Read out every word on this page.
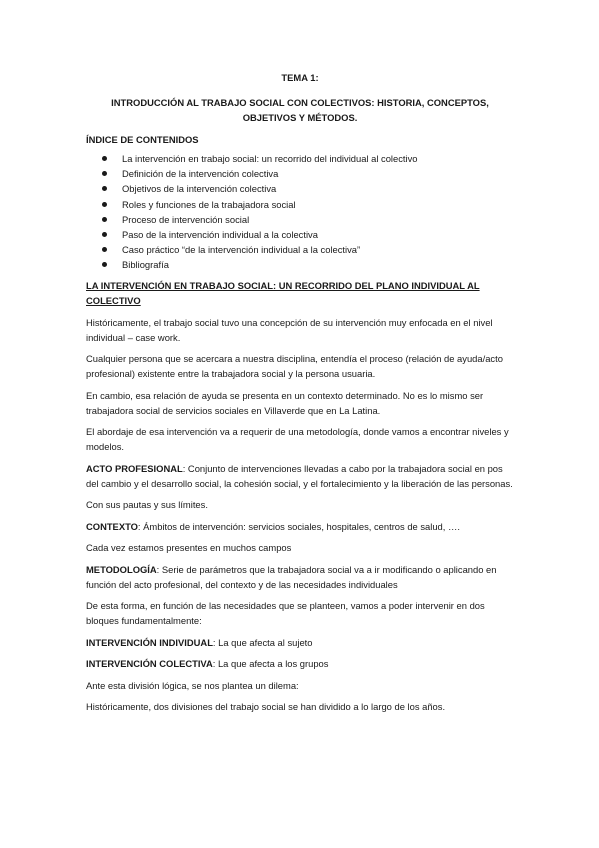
TEMA 1:
INTRODUCCIÓN AL TRABAJO SOCIAL CON COLECTIVOS: HISTORIA, CONCEPTOS, OBJETIVOS Y MÉTODOS.
ÍNDICE DE CONTENIDOS
La intervención en trabajo social: un recorrido del individual al colectivo
Definición de la intervención colectiva
Objetivos de la intervención colectiva
Roles y funciones de la trabajadora social
Proceso de intervención social
Paso de la intervención individual a la colectiva
Caso práctico “de la intervención individual a la colectiva”
Bibliografía
LA INTERVENCIÓN EN TRABAJO SOCIAL: UN RECORRIDO DEL PLANO INDIVIDUAL AL COLECTIVO

Históricamente, el trabajo social tuvo una concepción de su intervención muy enfocada en el nivel individual – case work.

Cualquier persona que se acercara a nuestra disciplina, entendía el proceso (relación de ayuda/acto profesional) existente entre la trabajadora social y la persona usuaria.

En cambio, esa relación de ayuda se presenta en un contexto determinado. No es lo mismo ser trabajadora social de servicios sociales en Villaverde que en La Latina.

El abordaje de esa intervención va a requerir de una metodología, donde vamos a encontrar niveles y modelos.

ACTO PROFESIONAL: Conjunto de intervenciones llevadas a cabo por la trabajadora social en pos del cambio y el desarrollo social, la cohesión social, y el fortalecimiento y la liberación de las personas.

Con sus pautas y sus límites.

CONTEXTO: Ámbitos de intervención: servicios sociales, hospitales, centros de salud, ….

Cada vez estamos presentes en muchos campos

METODOLOGÍA: Serie de parámetros que la trabajadora social va a ir modificando o aplicando en función del acto profesional, del contexto y de las necesidades individuales

De esta forma, en función de las necesidades que se planteen, vamos a poder intervenir en dos bloques fundamentalmente:

INTERVENCIÓN INDIVIDUAL: La que afecta al sujeto

INTERVENCIÓN COLECTIVA: La que afecta a los grupos

Ante esta división lógica, se nos plantea un dilema:

Históricamente, dos divisiones del trabajo social se han dividido a lo largo de los años.
